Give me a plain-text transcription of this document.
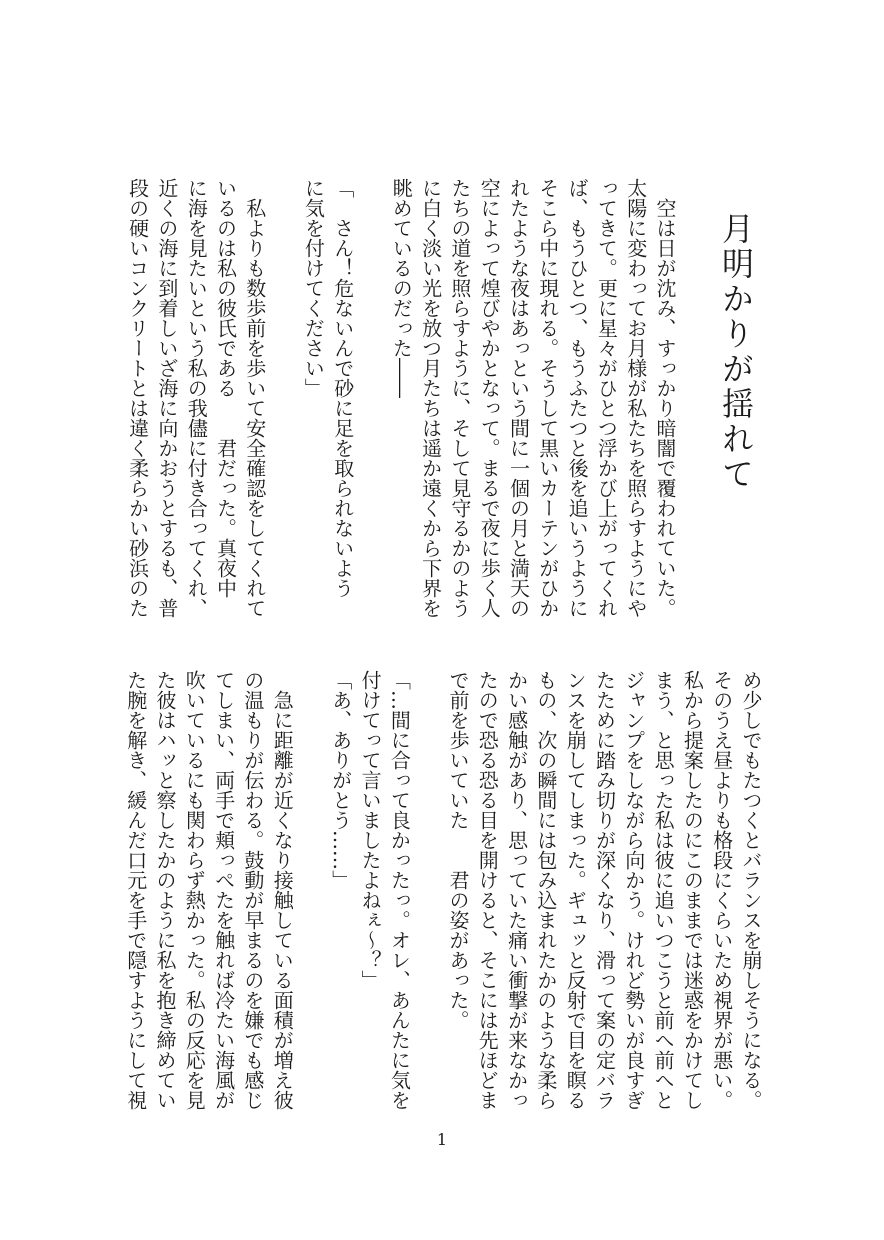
月明かりが揺れて
　空は日が沈み、すっかり暗闇で覆われていた。
太陽に変わってお月様が私たちを照らすようにや
ってきて。更に星々がひとつ浮かび上がってくれ
ば、もうひとつ、もうふたつと後を追いうように
そこら中に現れる。そうして黒いカーテンがひか
れたような夜はあっという間に一個の月と満天の
空によって煌びやかとなって。まるで夜に歩く人
たちの道を照らすように、そして見守るかのよう
に白く淡い光を放つ月たちは遥か遠くから下界を
眺めているのだった――
「　さん！危ないんで砂に足を取られないよう
に気を付けてください」
　私よりも数歩前を歩いて安全確認をしてくれて
いるのは私の彼氏である　　君だった。真夜中
に海を見たいという私の我儘に付き合ってくれ、
近くの海に到着しいざ海に向かおうとするも、普
段の硬いコンクリートとは違く柔らかい砂浜のた
め少しでもたつくとバランスを崩しそうになる。
そのうえ昼よりも格段にくらいため視界が悪い。
私から提案したのにこのままでは迷惑をかけてし
まう、と思った私は彼に追いつこうと前へ前へと
ジャンプをしながら向かう。けれど勢いが良すぎ
たために踏み切りが深くなり、滑って案の定バラ
ンスを崩してしまった。ギュッと反射で目を瞑る
もの、次の瞬間には包み込まれたかのような柔ら
かい感触があり、思っていた痛い衝撃が来なかっ
たので恐る恐る目を開けると、そこには先ほどま
で前を歩いていた　　君の姿があった。
「…間に合って良かったっ。オレ、あんたに気を
付けてって言いましたよねぇ〜？」
「あ、ありがとう……」
　急に距離が近くなり接触している面積が増え彼
の温もりが伝わる。鼓動が早まるのを嫌でも感じ
てしまい、両手で頬っぺたを触れば冷たい海風が
吹いているにも関わらず熱かった。私の反応を見
た彼はハッと察したかのように私を抱き締めてい
た腕を解き、緩んだ口元を手で隠すようにして視
1
